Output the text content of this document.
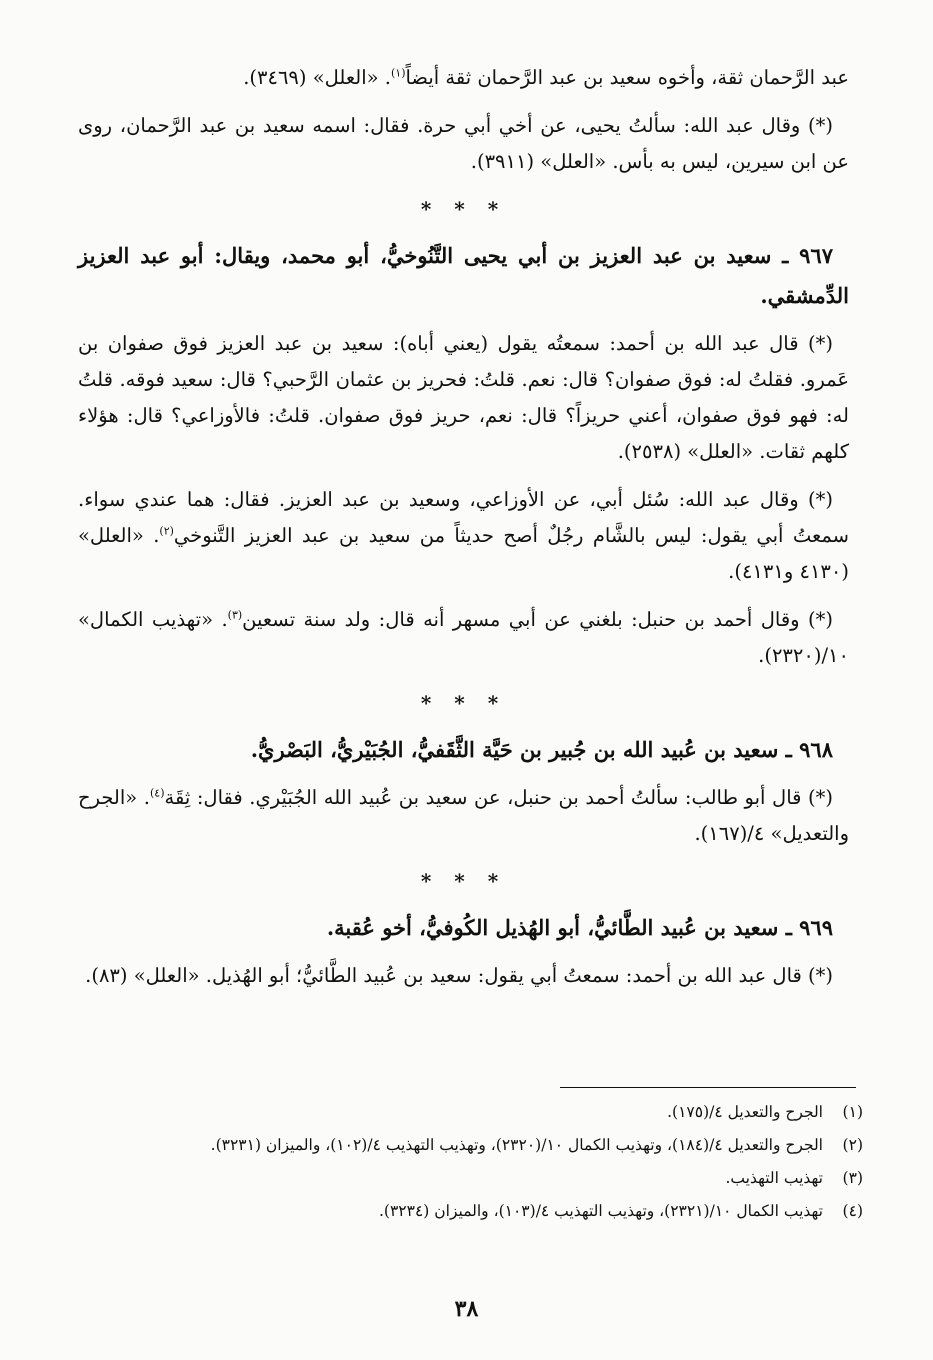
عبد الرَّحمان ثقة، وأخوه سعيد بن عبد الرَّحمان ثقة أيضاً$^{(١)}$. «العلل» (٣٤٦٩).
(*) وقال عبد الله: سألتُ يحيى، عن أخي أبي حرة. فقال: اسمه سعيد بن عبد الرَّحمان، روى عن ابن سيرين، ليس به بأس. «العلل» (٣٩١١).
* * *
٩٦٧ ـ سعيد بن عبد العزيز بن أبي يحيى التَّنُوخيُّ، أبو محمد، ويقال: أبو عبد العزيز الدِّمشقي.
(*) قال عبد الله بن أحمد: سمعتُه يقول (يعني أباه): سعيد بن عبد العزيز فوق صفوان بن عَمرو. فقلتُ له: فوق صفوان؟ قال: نعم. قلتُ: فحريز بن عثمان الرَّحبي؟ قال: سعيد فوقه. قلتُ له: فهو فوق صفوان، أعني حريزاً؟ قال: نعم، حريز فوق صفوان. قلتُ: فالأوزاعي؟ قال: هؤلاء كلهم ثقات. «العلل» (٢٥٣٨).
(*) وقال عبد الله: سُئل أبي، عن الأوزاعي، وسعيد بن عبد العزيز. فقال: هما عندي سواء. سمعتُ أبي يقول: ليس بالشَّام رجُلٌ أصح حديثاً من سعيد بن عبد العزيز التَّنوخي$^{(٢)}$. «العلل» (٤١٣٠ و٤١٣١).
(*) وقال أحمد بن حنبل: بلغني عن أبي مسهر أنه قال: ولد سنة تسعين$^{(٣)}$. «تهذيب الكمال» ١٠/(٢٣٢٠).
* * *
٩٦٨ ـ سعيد بن عُبيد الله بن جُبير بن حَيَّة الثَّقَفيُّ، الجُبَيْريُّ، البَصْريُّ.
(*) قال أبو طالب: سألتُ أحمد بن حنبل، عن سعيد بن عُبيد الله الجُبَيْري. فقال: ثِقَة$^{(٤)}$. «الجرح والتعديل» ٤/(١٦٧).
* * *
٩٦٩ ـ سعيد بن عُبيد الطَّائيُّ، أبو الهُذيل الكُوفيُّ، أخو عُقبة.
(*) قال عبد الله بن أحمد: سمعتُ أبي يقول: سعيد بن عُبيد الطَّائيُّ؛ أبو الهُذيل. «العلل» (٨٣).
(١)
الجرح والتعديل ٤/(١٧٥).
(٢)
الجرح والتعديل ٤/(١٨٤)، وتهذيب الكمال ١٠/(٢٣٢٠)، وتهذيب التهذيب ٤/(١٠٢)، والميزان (٣٢٣١).
(٣)
تهذيب التهذيب.
(٤)
تهذيب الكمال ١٠/(٢٣٢١)، وتهذيب التهذيب ٤/(١٠٣)، والميزان (٣٢٣٤).
٣٨
